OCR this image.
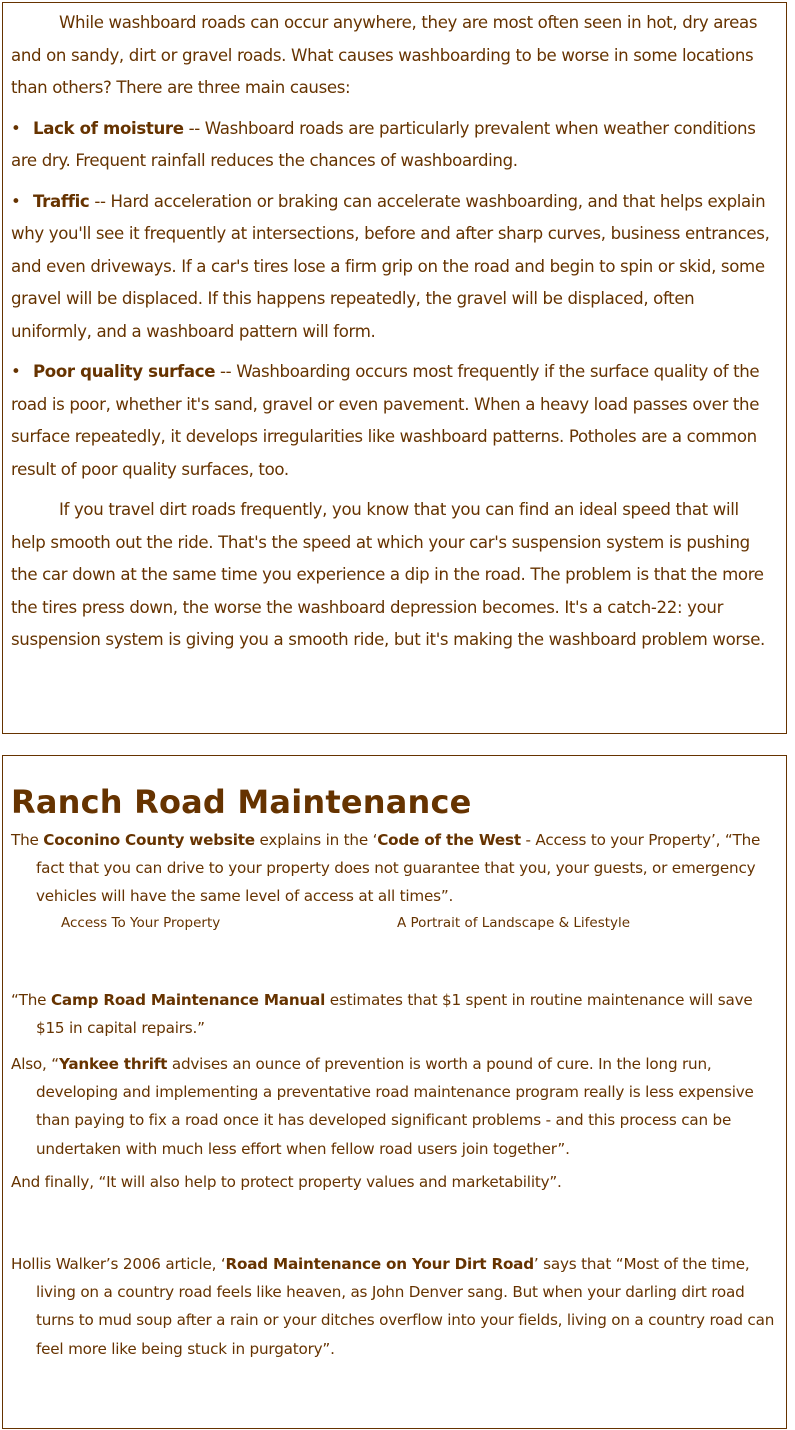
While washboard roads can occur anywhere, they are most often seen in hot, dry areas and on sandy, dirt or gravel roads. What causes washboarding to be worse in some locations than others? There are three main causes:

• Lack of moisture -- Washboard roads are particularly prevalent when weather conditions are dry. Frequent rainfall reduces the chances of washboarding.

• Traffic -- Hard acceleration or braking can accelerate washboarding, and that helps explain why you'll see it frequently at intersections, before and after sharp curves, business entrances, and even driveways. If a car's tires lose a firm grip on the road and begin to spin or skid, some gravel will be displaced. If this happens repeatedly, the gravel will be displaced, often uniformly, and a washboard pattern will form.

• Poor quality surface -- Washboarding occurs most frequently if the surface quality of the road is poor, whether it's sand, gravel or even pavement. When a heavy load passes over the surface repeatedly, it develops irregularities like washboard patterns. Potholes are a common result of poor quality surfaces, too.

If you travel dirt roads frequently, you know that you can find an ideal speed that will help smooth out the ride. That's the speed at which your car's suspension system is pushing the car down at the same time you experience a dip in the road. The problem is that the more the tires press down, the worse the washboard depression becomes. It's a catch-22: your suspension system is giving you a smooth ride, but it's making the washboard problem worse.

Ranch Road Maintenance

The Coconino County website explains in the ‘Code of the West - Access to your Property’, “The fact that you can drive to your property does not guarantee that you, your guests, or emergency vehicles will have the same level of access at all times”.

Access To Your Property	A Portrait of Landscape & Lifestyle

“The Camp Road Maintenance Manual estimates that $1 spent in routine maintenance will save $15 in capital repairs.”

Also, “Yankee thrift advises an ounce of prevention is worth a pound of cure. In the long run, developing and implementing a preventative road maintenance program really is less expensive than paying to fix a road once it has developed significant problems - and this process can be undertaken with much less effort when fellow road users join together”.

And finally, “It will also help to protect property values and marketability”.

Hollis Walker’s 2006 article, ‘Road Maintenance on Your Dirt Road’ says that “Most of the time, living on a country road feels like heaven, as John Denver sang. But when your darling dirt road turns to mud soup after a rain or your ditches overflow into your fields, living on a country road can feel more like being stuck in purgatory”.
